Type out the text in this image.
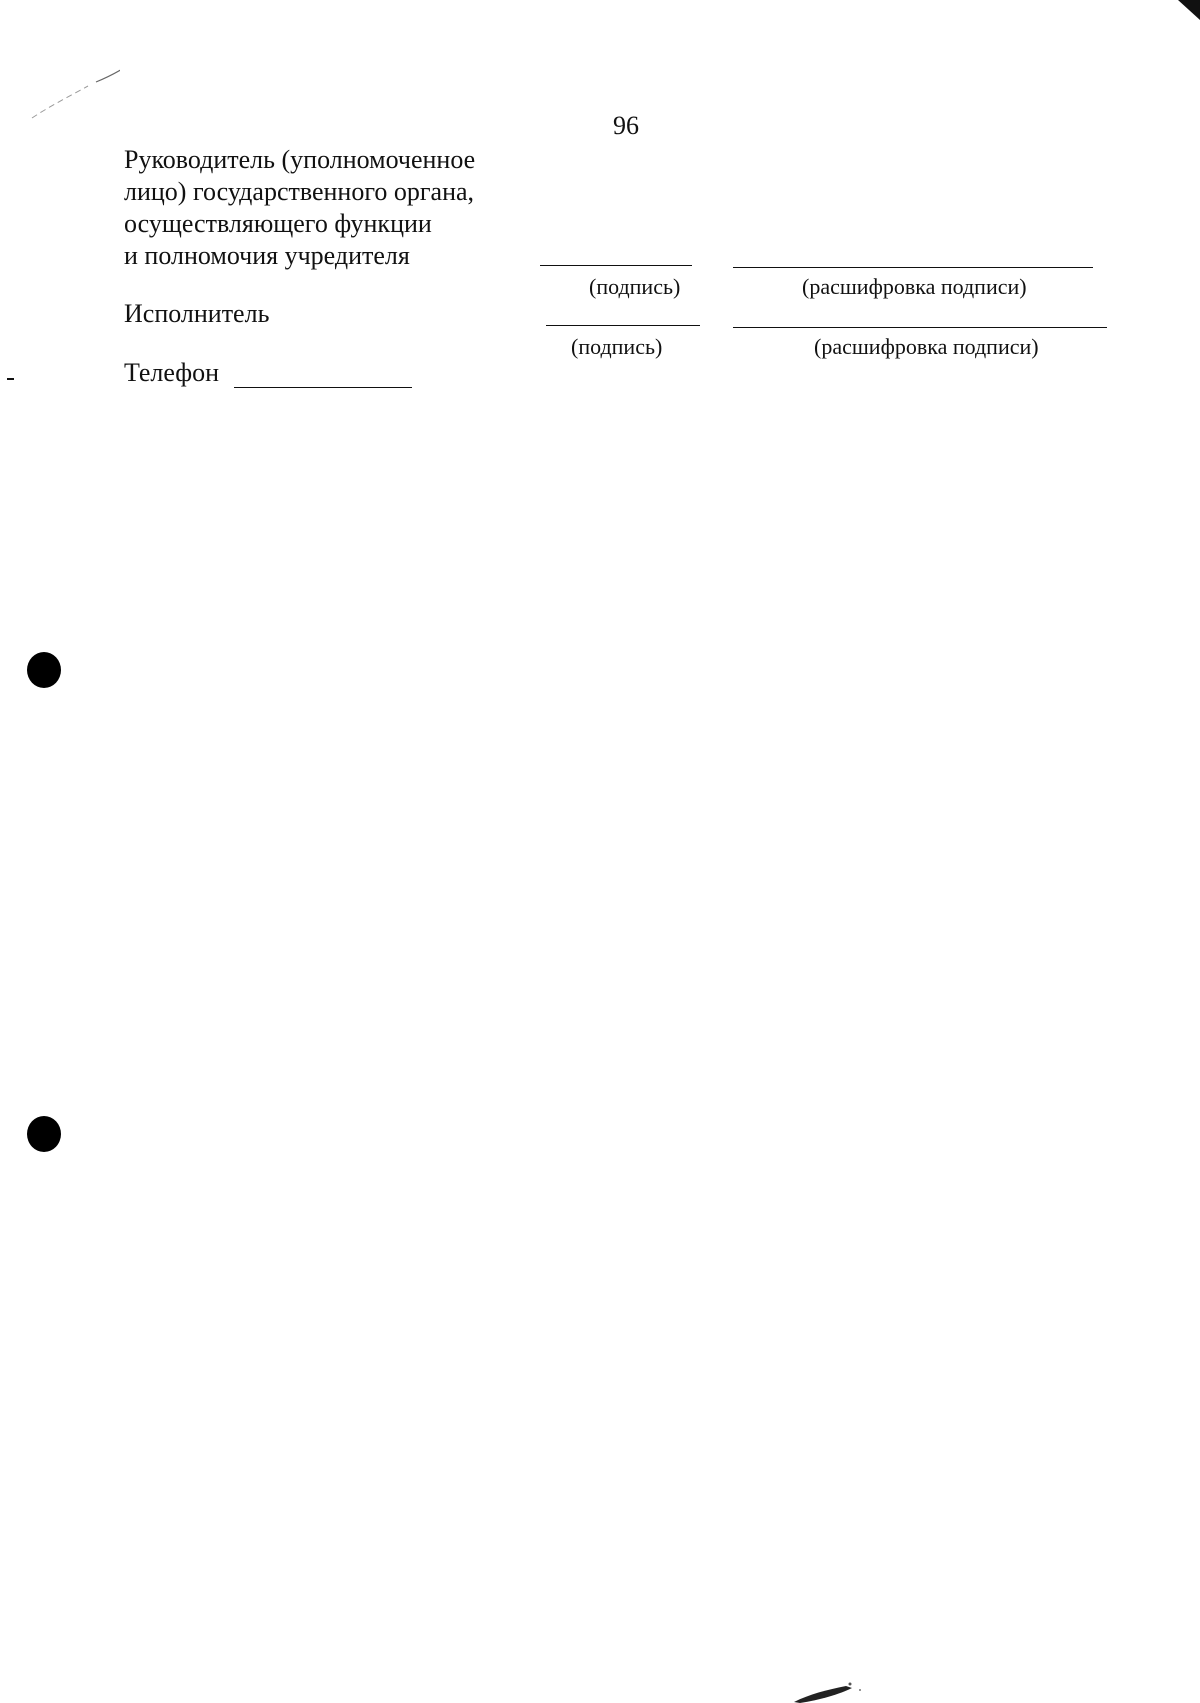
96
Руководитель (уполномоченное
лицо) государственного органа,
осуществляющего функции
и полномочия учредителя
(подпись)	(расшифровка подписи)
Исполнитель
(подпись)	(расшифровка подписи)
Телефон
